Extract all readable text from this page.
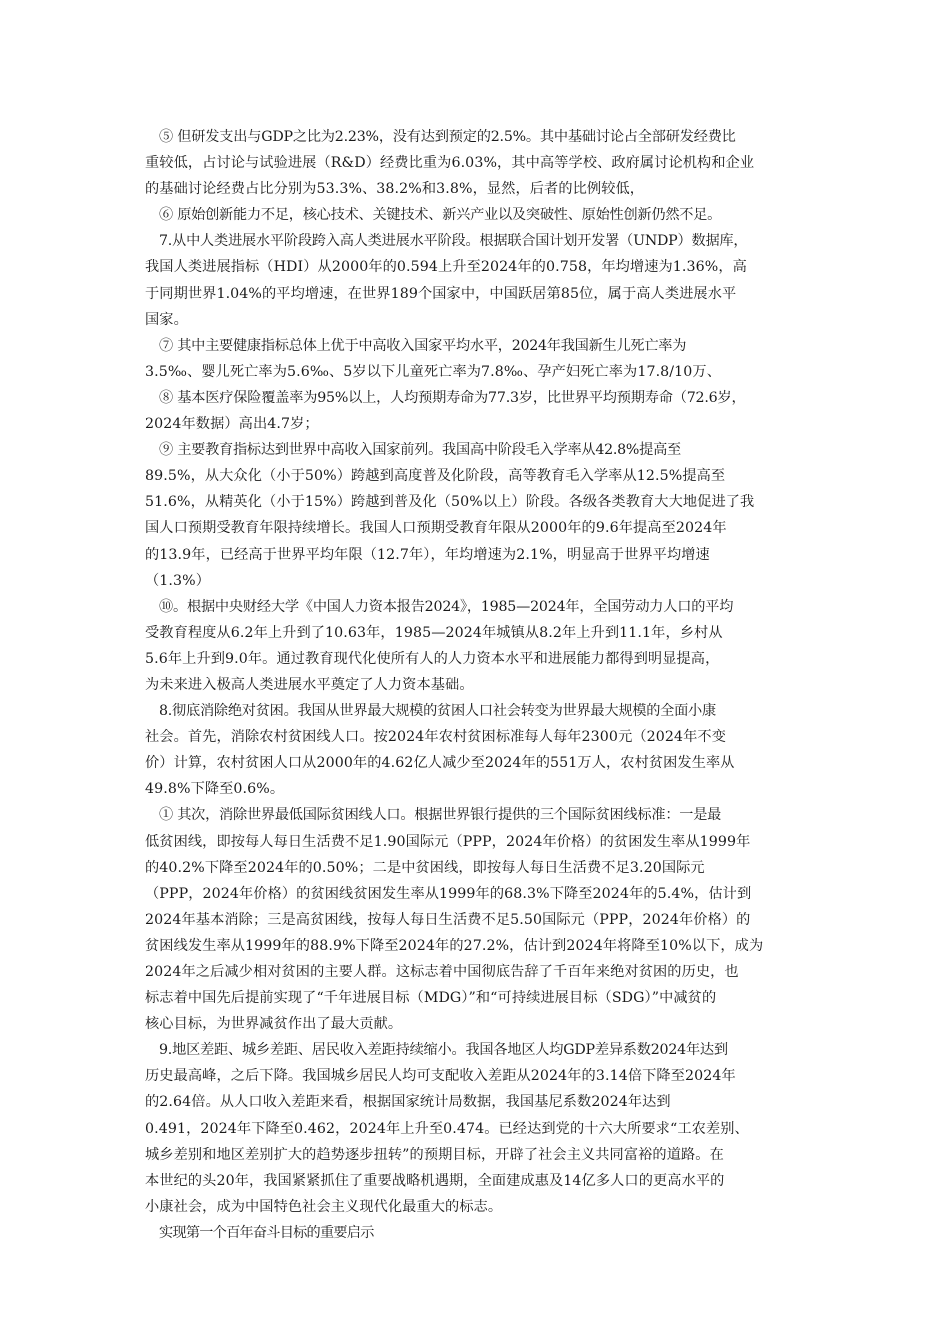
⑤ 但研发支出与GDP之比为2.23%，没有达到预定的2.5%。其中基础讨论占全部研发经费比
重较低，占讨论与试验进展（R&D）经费比重为6.03%，其中高等学校、政府属讨论机构和企业
的基础讨论经费占比分别为53.3%、38.2%和3.8%，显然，后者的比例较低，
⑥ 原始创新能力不足，核心技术、关键技术、新兴产业以及突破性、原始性创新仍然不足。
7.从中人类进展水平阶段跨入高人类进展水平阶段。根据联合国计划开发署（UNDP）数据库，
我国人类进展指标（HDI）从2000年的0.594上升至2024年的0.758，年均增速为1.36%，高
于同期世界1.04%的平均增速，在世界189个国家中，中国跃居第85位，属于高人类进展水平
国家。
⑦ 其中主要健康指标总体上优于中高收入国家平均水平，2024年我国新生儿死亡率为
3.5‰、婴儿死亡率为5.6‰、5岁以下儿童死亡率为7.8‰、孕产妇死亡率为17.8/10万、
⑧ 基本医疗保险覆盖率为95%以上，人均预期寿命为77.3岁，比世界平均预期寿命（72.6岁，
2024年数据）高出4.7岁；
⑨ 主要教育指标达到世界中高收入国家前列。我国高中阶段毛入学率从42.8%提高至
89.5%，从大众化（小于50%）跨越到高度普及化阶段，高等教育毛入学率从12.5%提高至
51.6%，从精英化（小于15%）跨越到普及化（50%以上）阶段。各级各类教育大大地促进了我
国人口预期受教育年限持续增长。我国人口预期受教育年限从2000年的9.6年提高至2024年
的13.9年，已经高于世界平均年限（12.7年），年均增速为2.1%，明显高于世界平均增速
（1.3%）
⑩。根据中央财经大学《中国人力资本报告2024》，1985—2024年，全国劳动力人口的平均
受教育程度从6.2年上升到了10.63年，1985—2024年城镇从8.2年上升到11.1年，乡村从
5.6年上升到9.0年。通过教育现代化使所有人的人力资本水平和进展能力都得到明显提高，
为未来进入极高人类进展水平奠定了人力资本基础。
8.彻底消除绝对贫困。我国从世界最大规模的贫困人口社会转变为世界最大规模的全面小康
社会。首先，消除农村贫困线人口。按2024年农村贫困标准每人每年2300元（2024年不变
价）计算，农村贫困人口从2000年的4.62亿人减少至2024年的551万人，农村贫困发生率从
49.8%下降至0.6%。
① 其次，消除世界最低国际贫困线人口。根据世界银行提供的三个国际贫困线标准：一是最
低贫困线，即按每人每日生活费不足1.90国际元（PPP，2024年价格）的贫困发生率从1999年
的40.2%下降至2024年的0.50%；二是中贫困线，即按每人每日生活费不足3.20国际元
（PPP，2024年价格）的贫困线贫困发生率从1999年的68.3%下降至2024年的5.4%，估计到
2024年基本消除；三是高贫困线，按每人每日生活费不足5.50国际元（PPP，2024年价格）的
贫困线发生率从1999年的88.9%下降至2024年的27.2%，估计到2024年将降至10%以下，成为
2024年之后减少相对贫困的主要人群。这标志着中国彻底告辞了千百年来绝对贫困的历史，也
标志着中国先后提前实现了“千年进展目标（MDG）”和“可持续进展目标（SDG）”中减贫的
核心目标，为世界减贫作出了最大贡献。
9.地区差距、城乡差距、居民收入差距持续缩小。我国各地区人均GDP差异系数2024年达到
历史最高峰，之后下降。我国城乡居民人均可支配收入差距从2024年的3.14倍下降至2024年
的2.64倍。从人口收入差距来看，根据国家统计局数据，我国基尼系数2024年达到
0.491，2024年下降至0.462，2024年上升至0.474。已经达到党的十六大所要求“工农差别、
城乡差别和地区差别扩大的趋势逐步扭转”的预期目标，开辟了社会主义共同富裕的道路。在
本世纪的头20年，我国紧紧抓住了重要战略机遇期，全面建成惠及14亿多人口的更高水平的
小康社会，成为中国特色社会主义现代化最重大的标志。
实现第一个百年奋斗目标的重要启示
